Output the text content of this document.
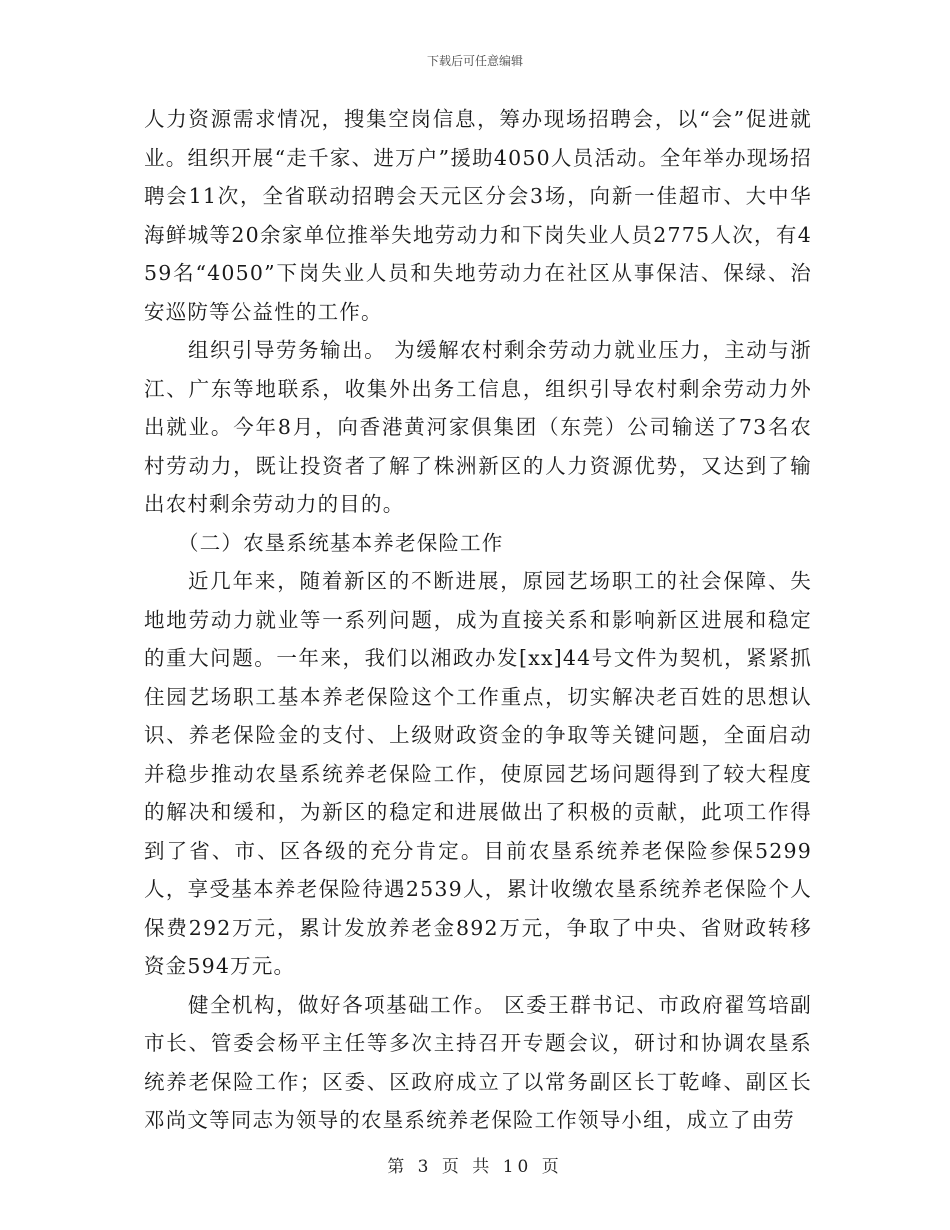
下载后可任意编辑

人力资源需求情况，搜集空岗信息，筹办现场招聘会，以“会”促进就业。组织开展“走千家、进万户”援助4050人员活动。全年举办现场招聘会11次，全省联动招聘会天元区分会3场，向新一佳超市、大中华海鲜城等20余家单位推举失地劳动力和下岗失业人员2775人次，有459名“4050”下岗失业人员和失地劳动力在社区从事保洁、保绿、治安巡防等公益性的工作。

组织引导劳务输出。 为缓解农村剩余劳动力就业压力，主动与浙江、广东等地联系，收集外出务工信息，组织引导农村剩余劳动力外出就业。今年8月，向香港黄河家俱集团（东莞）公司输送了73名农村劳动力，既让投资者了解了株洲新区的人力资源优势，又达到了输出农村剩余劳动力的目的。

（二）农垦系统基本养老保险工作

近几年来，随着新区的不断进展，原园艺场职工的社会保障、失地地劳动力就业等一系列问题，成为直接关系和影响新区进展和稳定的重大问题。一年来，我们以湘政办发[xx]44号文件为契机，紧紧抓住园艺场职工基本养老保险这个工作重点，切实解决老百姓的思想认识、养老保险金的支付、上级财政资金的争取等关键问题，全面启动并稳步推动农垦系统养老保险工作，使原园艺场问题得到了较大程度的解决和缓和，为新区的稳定和进展做出了积极的贡献，此项工作得到了省、市、区各级的充分肯定。目前农垦系统养老保险参保5299人，享受基本养老保险待遇2539人，累计收缴农垦系统养老保险个人保费292万元，累计发放养老金892万元，争取了中央、省财政转移资金594万元。

健全机构，做好各项基础工作。 区委王群书记、市政府翟笃培副市长、管委会杨平主任等多次主持召开专题会议，研讨和协调农垦系统养老保险工作；区委、区政府成立了以常务副区长丁乾峰、副区长邓尚文等同志为领导的农垦系统养老保险工作领导小组，成立了由劳

第 3 页 共 10 页
